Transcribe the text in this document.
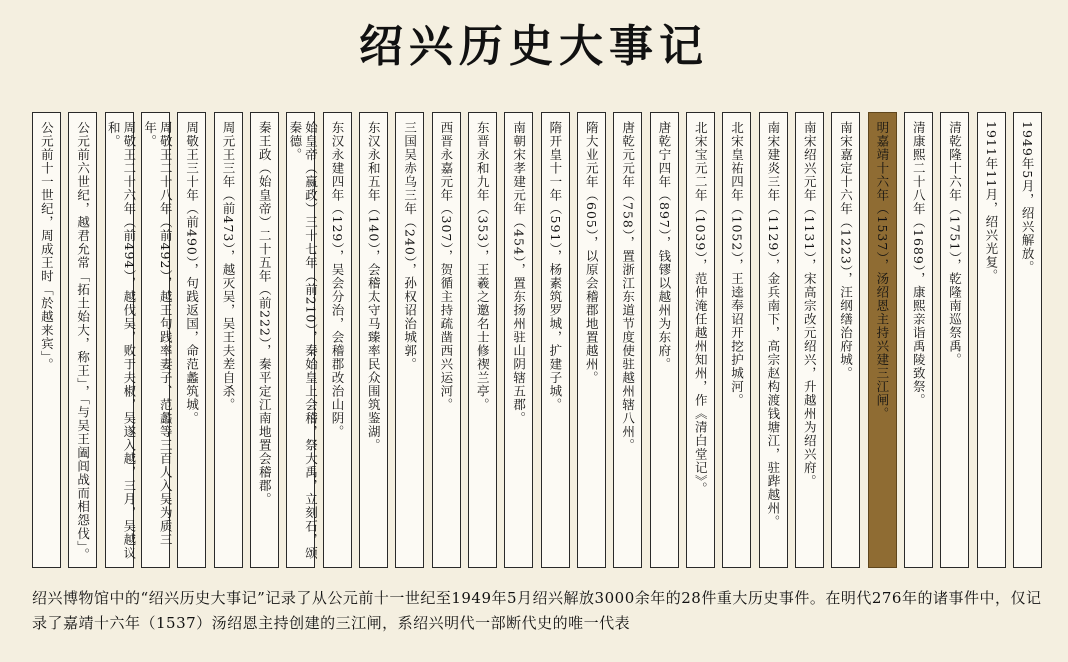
绍兴历史大事记
1949年5月，绍兴解放。
1911年11月，绍兴光复。
清乾隆十六年（1751），乾隆南巡祭禹。
清康熙二十八年（1689），康熙亲诣禹陵致祭。
明嘉靖十六年（1537），汤绍恩主持兴建三江闸。
南宋嘉定十六年（1223），汪纲缮治府城。
南宋绍兴元年（1131），宋高宗改元绍兴，升越州为绍兴府。
南宋建炎三年（1129），金兵南下，高宗赵构渡钱塘江，驻跸越州。
北宋皇祐四年（1052），王逵奉诏开挖护城河。
北宋宝元二年（1039），范仲淹任越州知州，作《清白堂记》。
唐乾宁四年（897），钱镠以越州为东府。
唐乾元元年（758），置浙江东道节度使驻越州辖八州。
隋大业元年（605），以原会稽郡地置越州。
隋开皇十一年（591），杨素筑罗城，扩建子城。
南朝宋孝建元年（454），置东扬州驻山阴辖五郡。
东晋永和九年（353），王羲之邀名士修禊兰亭。
西晋永嘉元年（307），贺循主持疏凿西兴运河。
三国吴赤乌三年（240），孙权诏治城郭。
东汉永和五年（140），会稽太守马臻率民众围筑鉴湖。
东汉永建四年（129），吴会分治，会稽郡改治山阴。
始皇帝（嬴政）三十七年（前210），秦始皇上会稽，祭大禹，立刻石，颂秦德。
秦王政（始皇帝）二十五年（前222），秦平定江南地置会稽郡。
周元王三年（前473），越灭吴，吴王夫差自杀。
周敬王三十年（前490），句践返国，命范蠡筑城。
周敬王二十八年（前492），越王句践率妻子、范蠡等三百人入吴为质三年。
周敬王二十六年（前494），越伐吴，败于夫椒，吴遂入越，三月，吴越议和。
公元前六世纪，越君允常「拓土始大，称王」，「与吴王阖闾战而相怨伐」。
公元前十一世纪，周成王时「於越来宾」。
绍兴博物馆中的“绍兴历史大事记”记录了从公元前十一世纪至1949年5月绍兴解放3000余年的28件重大历史事件。在明代276年的诸事件中，仅记录了嘉靖十六年（1537）汤绍恩主持创建的三江闸，系绍兴明代一部断代史的唯一代表
